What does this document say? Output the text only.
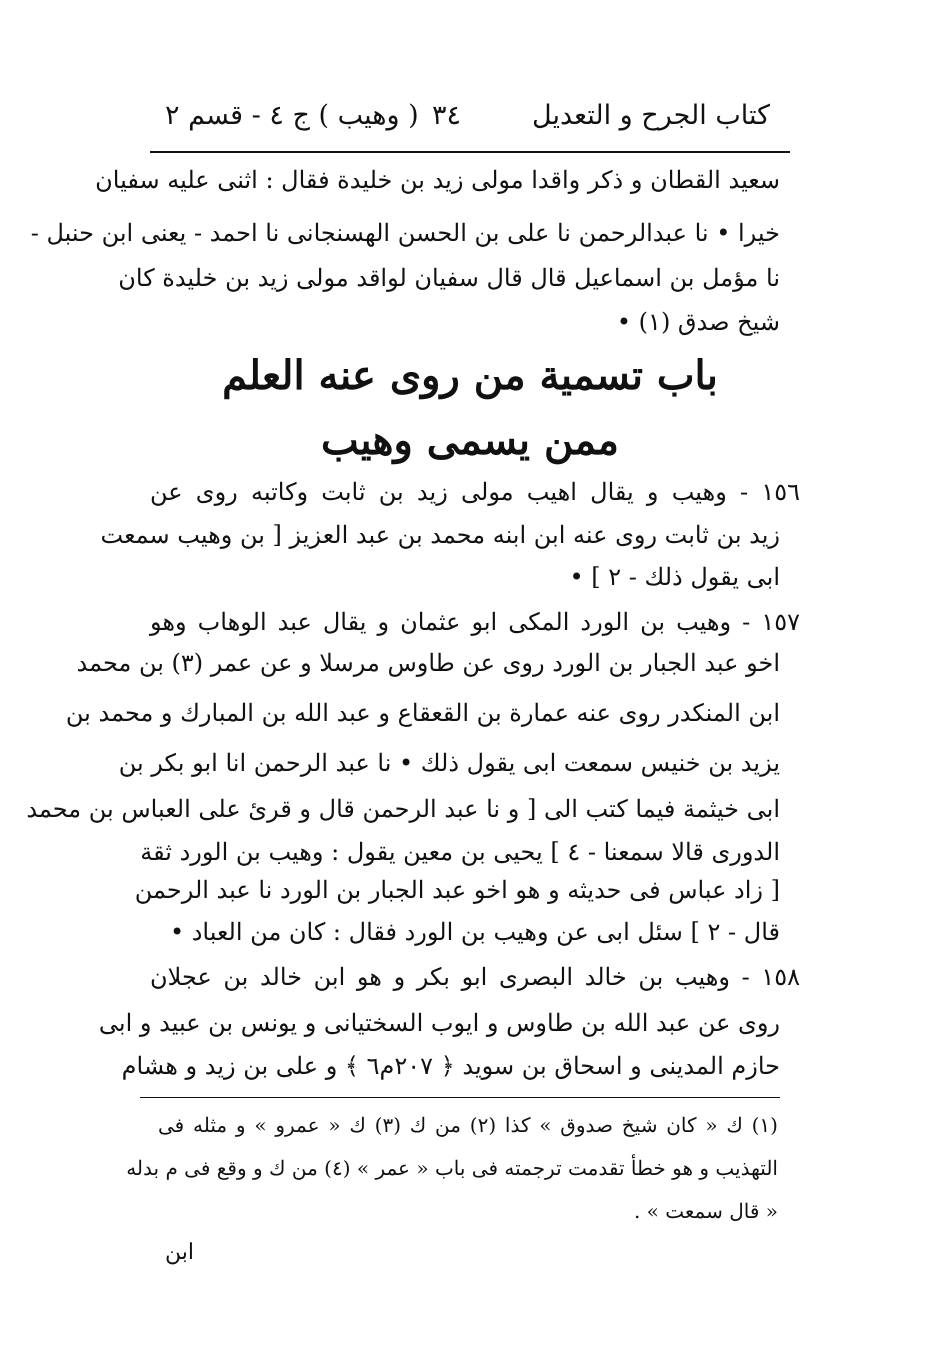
كتاب الجرح و التعديل
٣٤
( وهيب ) ج ٤ - قسم ٢
سعيد القطان و ذكر واقدا مولى زيد بن خليدة فقال : اثنى عليه سفيان
خيرا • نا عبدالرحمن نا على بن الحسن الهسنجانى نا احمد - يعنى ابن حنبل -
نا مؤمل بن اسماعيل قال قال سفيان لواقد مولى زيد بن خليدة كان
شيخ صدق (١) •
باب تسمية من روى عنه العلم
ممن يسمى وهيب
١٥٦ - وهيب و يقال اهيب مولى زيد بن ثابت وكاتبه روى عن
زيد بن ثابت روى عنه ابن ابنه محمد بن عبد العزيز [ بن وهيب سمعت
ابى يقول ذلك - ٢ ] •
١٥٧ - وهيب بن الورد المكى ابو عثمان و يقال عبد الوهاب وهو
اخو عبد الجبار بن الورد روى عن طاوس مرسلا و عن عمر (٣) بن محمد
ابن المنكدر روى عنه عمارة بن القعقاع و عبد الله بن المبارك و محمد بن
يزيد بن خنيس سمعت ابى يقول ذلك • نا عبد الرحمن انا ابو بكر بن
ابى خيثمة فيما كتب الى [ و نا عبد الرحمن قال و قرئ على العباس بن محمد
الدورى قالا سمعنا - ٤ ] يحيى بن معين يقول : وهيب بن الورد ثقة
[ زاد عباس فى حديثه و هو اخو عبد الجبار بن الورد نا عبد الرحمن
قال - ٢ ] سئل ابى عن وهيب بن الورد فقال : كان من العباد •
١٥٨ - وهيب بن خالد البصرى ابو بكر و هو ابن خالد بن عجلان
روى عن عبد الله بن طاوس و ايوب السختيانى و يونس بن عبيد و ابى
حازم المدينى و اسحاق بن سويد ﴿ ٢٠٧م٦ ﴾ و على بن زيد و هشام
(١) ك « كان شيخ صدوق » كذا (٢) من ك (٣) ك « عمرو » و مثله فى
التهذيب و هو خطأ تقدمت ترجمته فى باب « عمر » (٤) من ك و وقع فى م بدله
« قال سمعت » .
ابن
